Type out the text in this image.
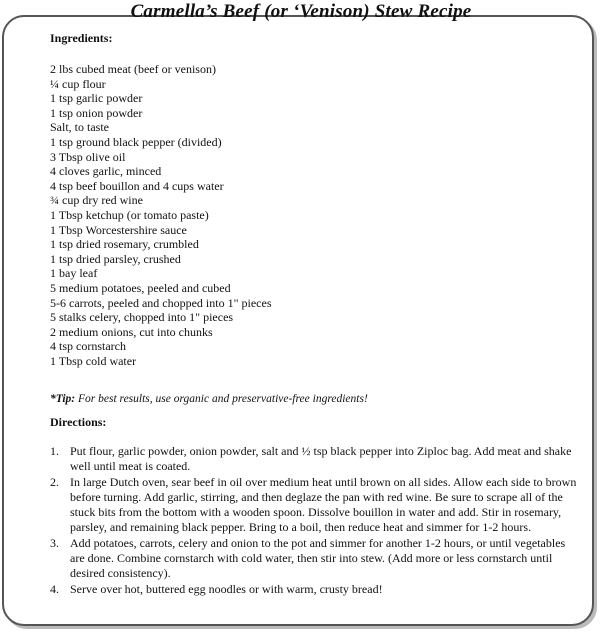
Carmella’s Beef (or ‘Venison) Stew Recipe

Ingredients:

2 lbs cubed meat (beef or venison)
¼ cup flour
1 tsp garlic powder
1 tsp onion powder
Salt, to taste
1 tsp ground black pepper (divided)
3 Tbsp olive oil
4 cloves garlic, minced
4 tsp beef bouillon and 4 cups water
¾ cup dry red wine
1 Tbsp ketchup (or tomato paste)
1 Tbsp Worcestershire sauce
1 tsp dried rosemary, crumbled
1 tsp dried parsley, crushed
1 bay leaf
5 medium potatoes, peeled and cubed
5-6 carrots, peeled and chopped into 1" pieces
5 stalks celery, chopped into 1" pieces
2 medium onions, cut into chunks
4 tsp cornstarch
1 Tbsp cold water
*Tip: For best results, use organic and preservative-free ingredients!

Directions:

1. Put flour, garlic powder, onion powder, salt and ½ tsp black pepper into Ziploc bag. Add meat and shake well until meat is coated.
2. In large Dutch oven, sear beef in oil over medium heat until brown on all sides. Allow each side to brown before turning. Add garlic, stirring, and then deglaze the pan with red wine. Be sure to scrape all of the stuck bits from the bottom with a wooden spoon. Dissolve bouillon in water and add. Stir in rosemary, parsley, and remaining black pepper. Bring to a boil, then reduce heat and simmer for 1-2 hours.
3. Add potatoes, carrots, celery and onion to the pot and simmer for another 1-2 hours, or until vegetables are done. Combine cornstarch with cold water, then stir into stew. (Add more or less cornstarch until desired consistency).
4. Serve over hot, buttered egg noodles or with warm, crusty bread!
